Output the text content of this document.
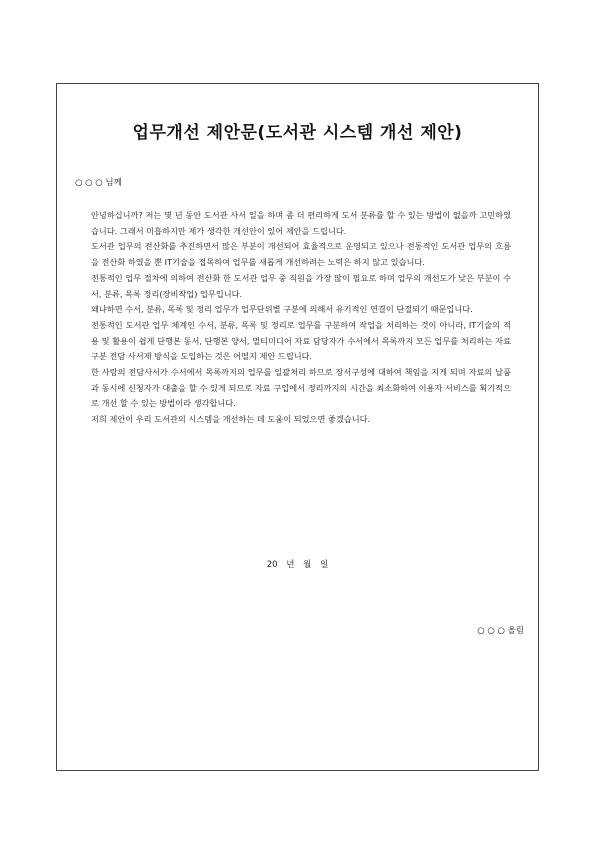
업무개선 제안문(도서관 시스템 개선 제안)
○ ○ ○ 님께

안녕하십니까? 저는 몇 년 동안 도서관 사서 일을 하며 좀 더 편리하게 도서 분류를 할 수 있는 방법이 없을까 고민하였습니다. 그래서 미흡하지만 제가 생각한 개선안이 있어 제안을 드립니다.

도서관 업무의 전산화를 추진하면서 많은 부분이 개선되어 효율적으로 운영되고 있으나 전통적인 도서관 업무의 흐름을 전산화 하였을 뿐 IT기술을 접목하여 업무를 새롭게 개선하려는 노력은 하지 않고 있습니다.

전통적인 업무 절차에 의하여 전산화 한 도서관 업무 중 직원을 가장 많이 필요로 하며 업무의 개선도가 낮은 부분이 수서, 분류, 목록 정리(장비작업) 업무입니다.

왜냐하면 수서, 분류, 목록 및 정리 업무가 업무단위별 구분에 의해서 유기적인 연결이 단절되기 때문입니다.

전통적인 도서관 업무 체계인 수서, 분류, 목록 및 정리로 업무를 구분하여 작업을 처리하는 것이 아니라, IT기술의 적용 및 활용이 쉽게 단행본 동서, 단행본 양서, 멀티미디어 자료 담당자가 수서에서 목록까지 모든 업무를 처리하는 자료구분 전담 사서제 방식을 도입하는 것은 어떨지 제안 드립니다.

한 사람의 전담사서가 수서에서 목록까지의 업무를 일괄처리 하므로 장서구성에 대하여 책임을 지게 되며 자료의 납품과 동시에 신청자가 대출을 할 수 있게 되므로 자료 구입에서 정리까지의 시간을 최소화하여 이용자 서비스를 획기적으로 개선 할 수 있는 방법이라 생각합니다.

저희 제안이 우리 도서관의 시스템을 개선하는 데 도움이 되었으면 좋겠습니다.

20 년 월 일
○ ○ ○ 올림
